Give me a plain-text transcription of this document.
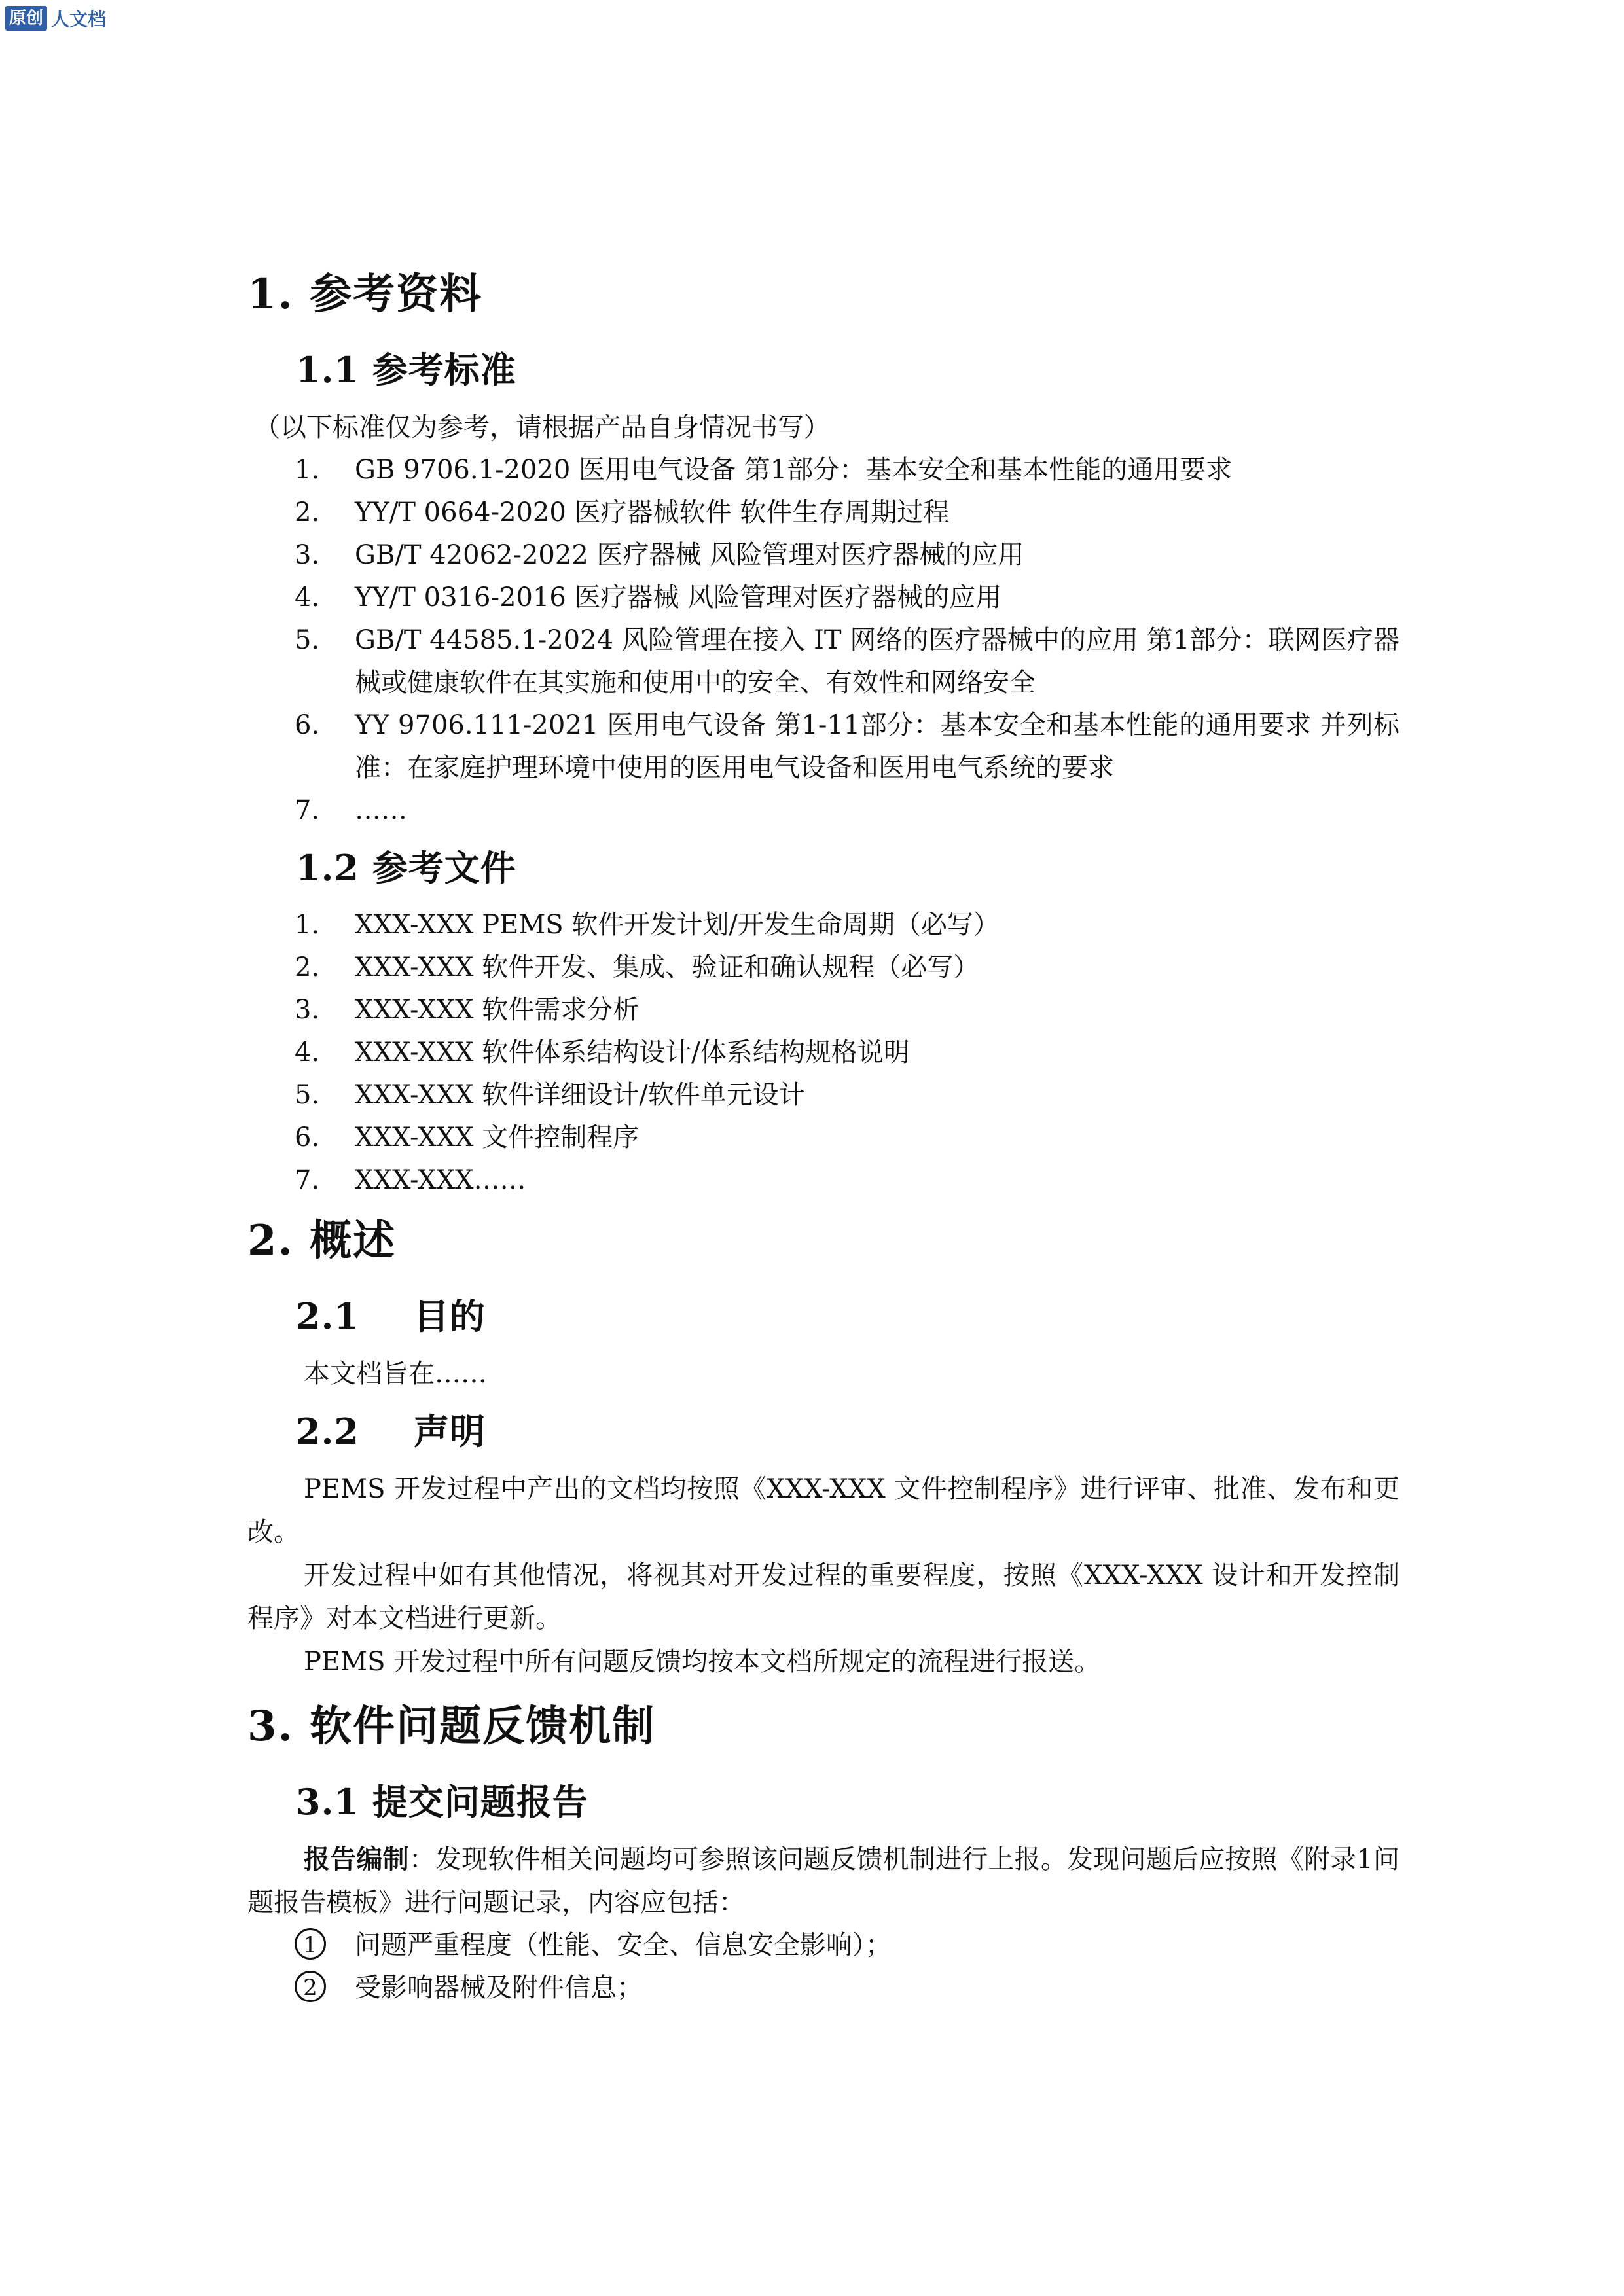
原创 人文档
1. 参考资料
1.1 参考标准
（以下标准仅为参考，请根据产品自身情况书写）
1. GB 9706.1-2020 医用电气设备 第1部分：基本安全和基本性能的通用要求
2. YY/T 0664-2020 医疗器械软件 软件生存周期过程
3. GB/T 42062-2022 医疗器械 风险管理对医疗器械的应用
4. YY/T 0316-2016 医疗器械 风险管理对医疗器械的应用
5. GB/T 44585.1-2024 风险管理在接入 IT 网络的医疗器械中的应用 第1部分：联网医疗器械或健康软件在其实施和使用中的安全、有效性和网络安全
6. YY 9706.111-2021 医用电气设备 第1-11部分：基本安全和基本性能的通用要求 并列标准：在家庭护理环境中使用的医用电气设备和医用电气系统的要求
7. ……
1.2 参考文件
1. XXX-XXX PEMS 软件开发计划/开发生命周期（必写）
2. XXX-XXX 软件开发、集成、验证和确认规程（必写）
3. XXX-XXX 软件需求分析
4. XXX-XXX 软件体系结构设计/体系结构规格说明
5. XXX-XXX 软件详细设计/软件单元设计
6. XXX-XXX 文件控制程序
7. XXX-XXX……
2. 概述
2.1 目的
本文档旨在……
2.2 声明

PEMS 开发过程中产出的文档均按照《XXX-XXX 文件控制程序》进行评审、批准、发布和更改。

开发过程中如有其他情况，将视其对开发过程的重要程度，按照《XXX-XXX 设计和开发控制程序》对本文档进行更新。

PEMS 开发过程中所有问题反馈均按本文档所规定的流程进行报送。

3. 软件问题反馈机制
3.1 提交问题报告

报告编制：发现软件相关问题均可参照该问题反馈机制进行上报。发现问题后应按照《附录1问题报告模板》进行问题记录，内容应包括：

1	问题严重程度（性能、安全、信息安全影响）；
2	受影响器械及附件信息；
